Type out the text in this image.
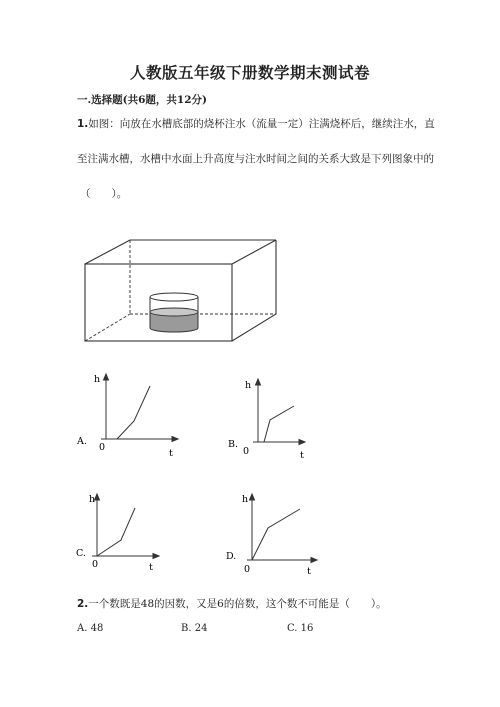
人教版五年级下册数学期末测试卷
一.选择题(共6题，共12分)
1.如图：向放在水槽底部的烧杯注水（流量一定）注满烧杯后，继续注水，直
至注满水槽，水槽中水面上升高度与注水时间之间的关系大致是下列图象中的
（　　）。
h
t
0
A.
h
t
0
B.
h
t
0
C.
h
t
0
D.
2.一个数既是48的因数，又是6的倍数，这个数不可能是（　　）。
A. 48	B. 24	C. 16
